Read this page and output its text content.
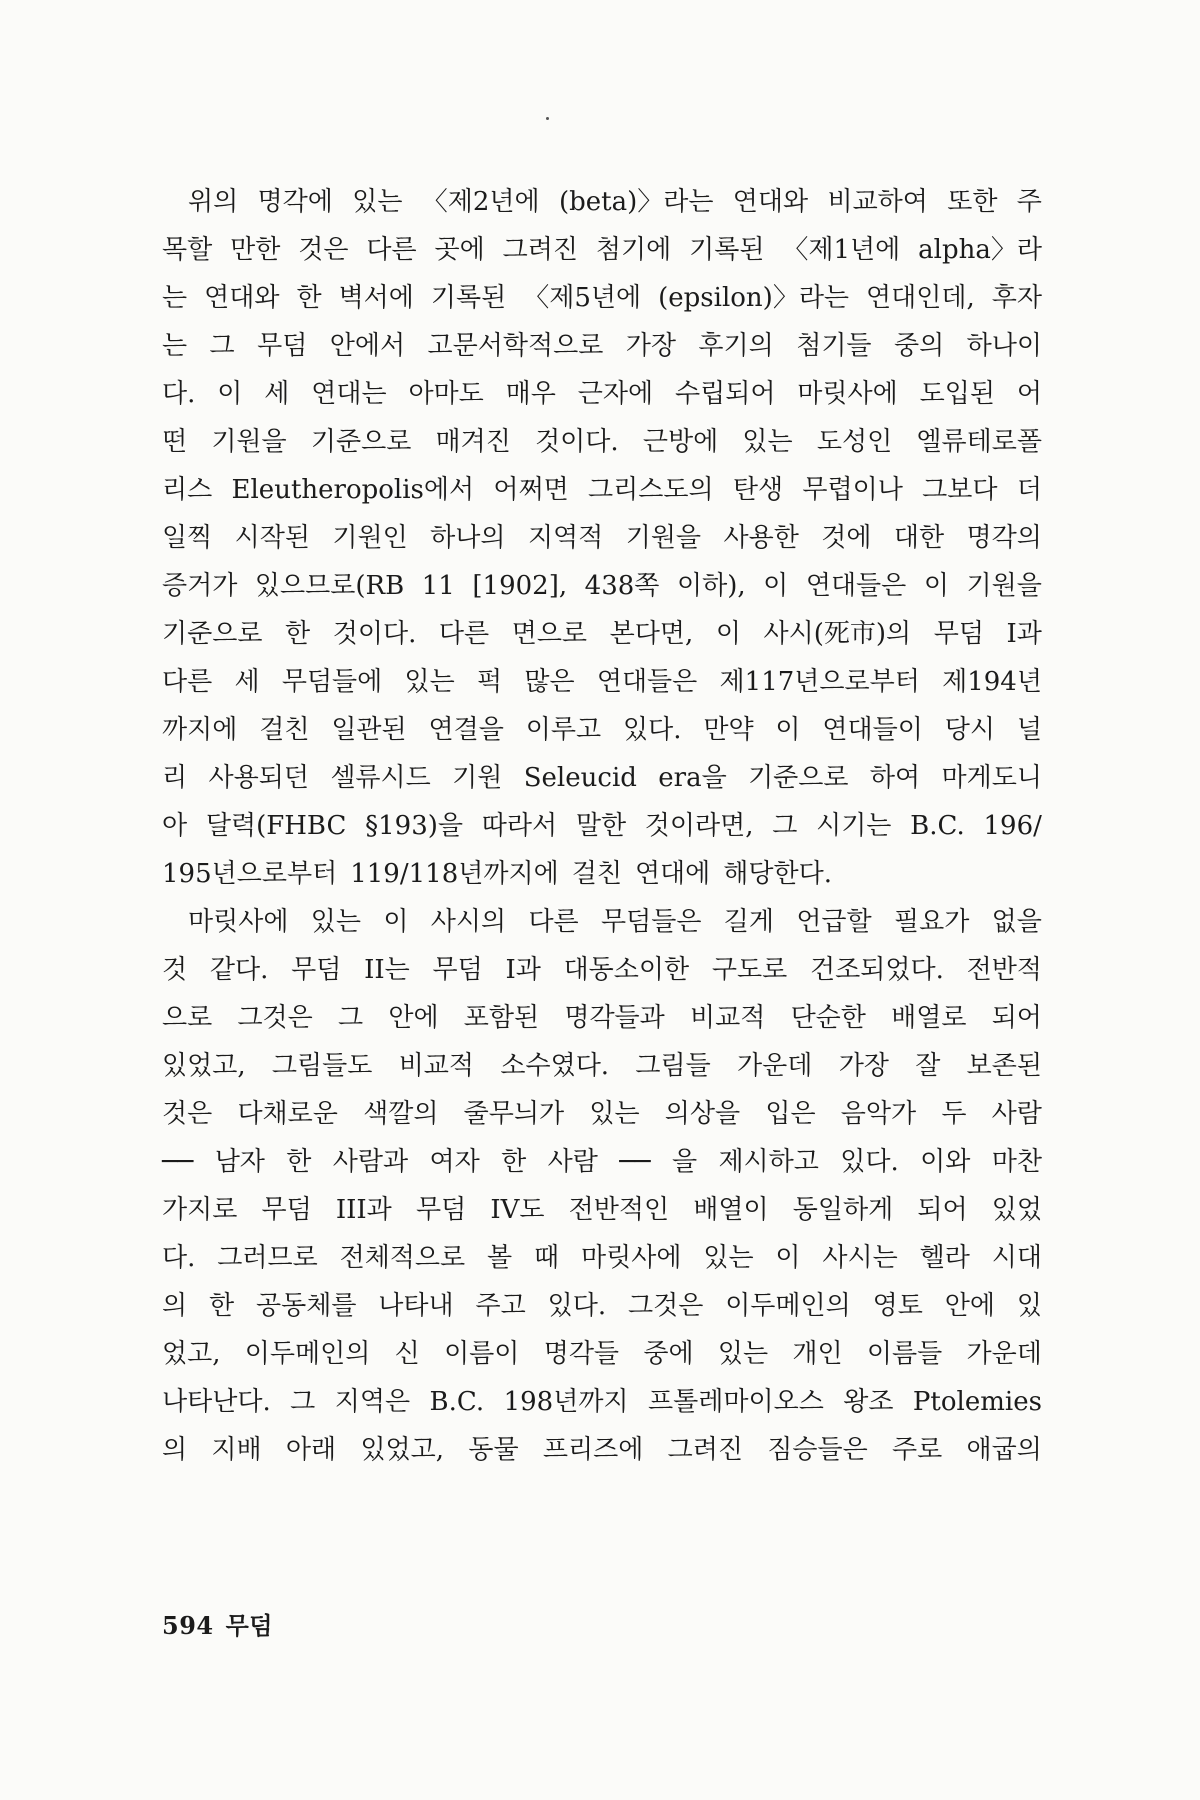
위의 명각에 있는 〈제2년에 (beta)〉라는 연대와 비교하여 또한 주
목할 만한 것은 다른 곳에 그려진 첨기에 기록된 〈제1년에 alpha〉라
는 연대와 한 벽서에 기록된 〈제5년에 (epsilon)〉라는 연대인데, 후자
는 그 무덤 안에서 고문서학적으로 가장 후기의 첨기들 중의 하나이
다. 이 세 연대는 아마도 매우 근자에 수립되어 마릿사에 도입된 어
떤 기원을 기준으로 매겨진 것이다. 근방에 있는 도성인 엘류테로폴
리스 Eleutheropolis에서 어쩌면 그리스도의 탄생 무렵이나 그보다 더
일찍 시작된 기원인 하나의 지역적 기원을 사용한 것에 대한 명각의
증거가 있으므로(RB 11 [1902], 438쪽 이하), 이 연대들은 이 기원을
기준으로 한 것이다. 다른 면으로 본다면, 이 사시(死市)의 무덤 I과
다른 세 무덤들에 있는 퍽 많은 연대들은 제117년으로부터 제194년
까지에 걸친 일관된 연결을 이루고 있다. 만약 이 연대들이 당시 널
리 사용되던 셀류시드 기원 Seleucid era을 기준으로 하여 마게도니
아 달력(FHBC §193)을 따라서 말한 것이라면, 그 시기는 B.C. 196/
195년으로부터 119/118년까지에 걸친 연대에 해당한다.
마릿사에 있는 이 사시의 다른 무덤들은 길게 언급할 필요가 없을
것 같다. 무덤 II는 무덤 I과 대동소이한 구도로 건조되었다. 전반적
으로 그것은 그 안에 포함된 명각들과 비교적 단순한 배열로 되어
있었고, 그림들도 비교적 소수였다. 그림들 가운데 가장 잘 보존된
것은 다채로운 색깔의 줄무늬가 있는 의상을 입은 음악가 두 사람
── 남자 한 사람과 여자 한 사람 ── 을 제시하고 있다. 이와 마찬
가지로 무덤 III과 무덤 IV도 전반적인 배열이 동일하게 되어 있었
다. 그러므로 전체적으로 볼 때 마릿사에 있는 이 사시는 헬라 시대
의 한 공동체를 나타내 주고 있다. 그것은 이두메인의 영토 안에 있
었고, 이두메인의 신 이름이 명각들 중에 있는 개인 이름들 가운데
나타난다. 그 지역은 B.C. 198년까지 프톨레마이오스 왕조 Ptolemies
의 지배 아래 있었고, 동물 프리즈에 그려진 짐승들은 주로 애굽의
594 무덤
